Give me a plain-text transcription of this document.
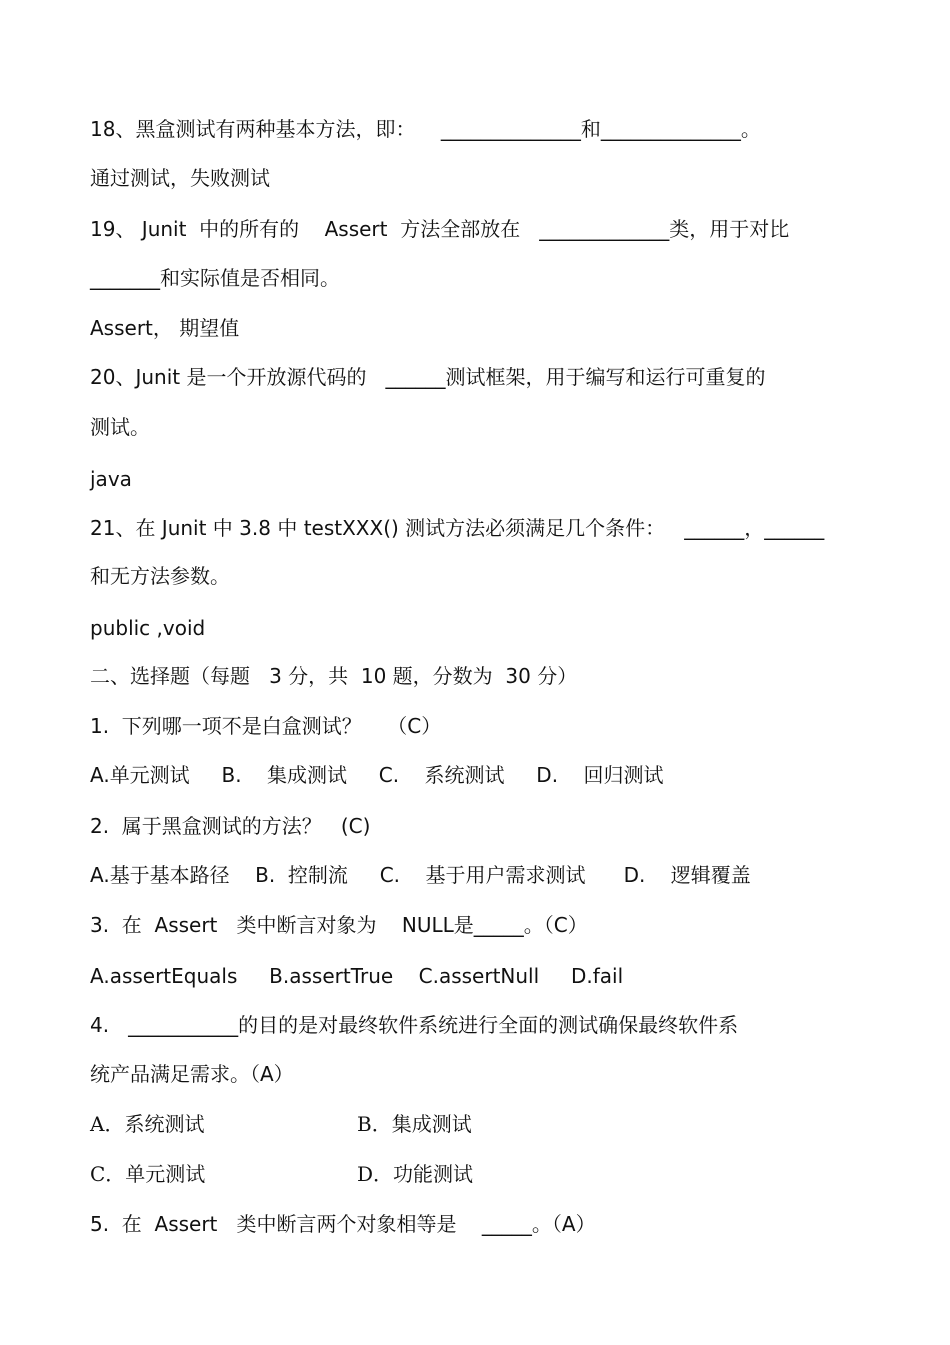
18、黑盒测试有两种基本方法，即：    ______________和______________。
通过测试，失败测试
19、 Junit  中的所有的    Assert  方法全部放在   _____________类，用于对比
_______和实际值是否相同。
Assert， 期望值
20、Junit 是一个开放源代码的   ______测试框架，用于编写和运行可重复的
测试。
java
21、在 Junit 中 3.8 中 testXXX() 测试方法必须满足几个条件：   ______，______
和无方法参数。
public ,void
二、选择题（每题   3 分，共  10 题，分数为  30 分）
1.  下列哪一项不是白盒测试？    （C）
A.单元测试     B.    集成测试     C.    系统测试     D.    回归测试
2.  属于黑盒测试的方法？   (C)
A.基于基本路径    B.  控制流     C.    基于用户需求测试      D.    逻辑覆盖
3.  在  Assert   类中断言对象为    NULL是_____。（C）
A.assertEquals     B.assertTrue    C.assertNull     D.fail
4.   ___________的目的是对最终软件系统进行全面的测试确保最终软件系
统产品满足需求。（A）

A．系统测试

	B．集成测试

C．单元测试

	D．功能测试

5.  在  Assert   类中断言两个对象相等是    _____。（A）
